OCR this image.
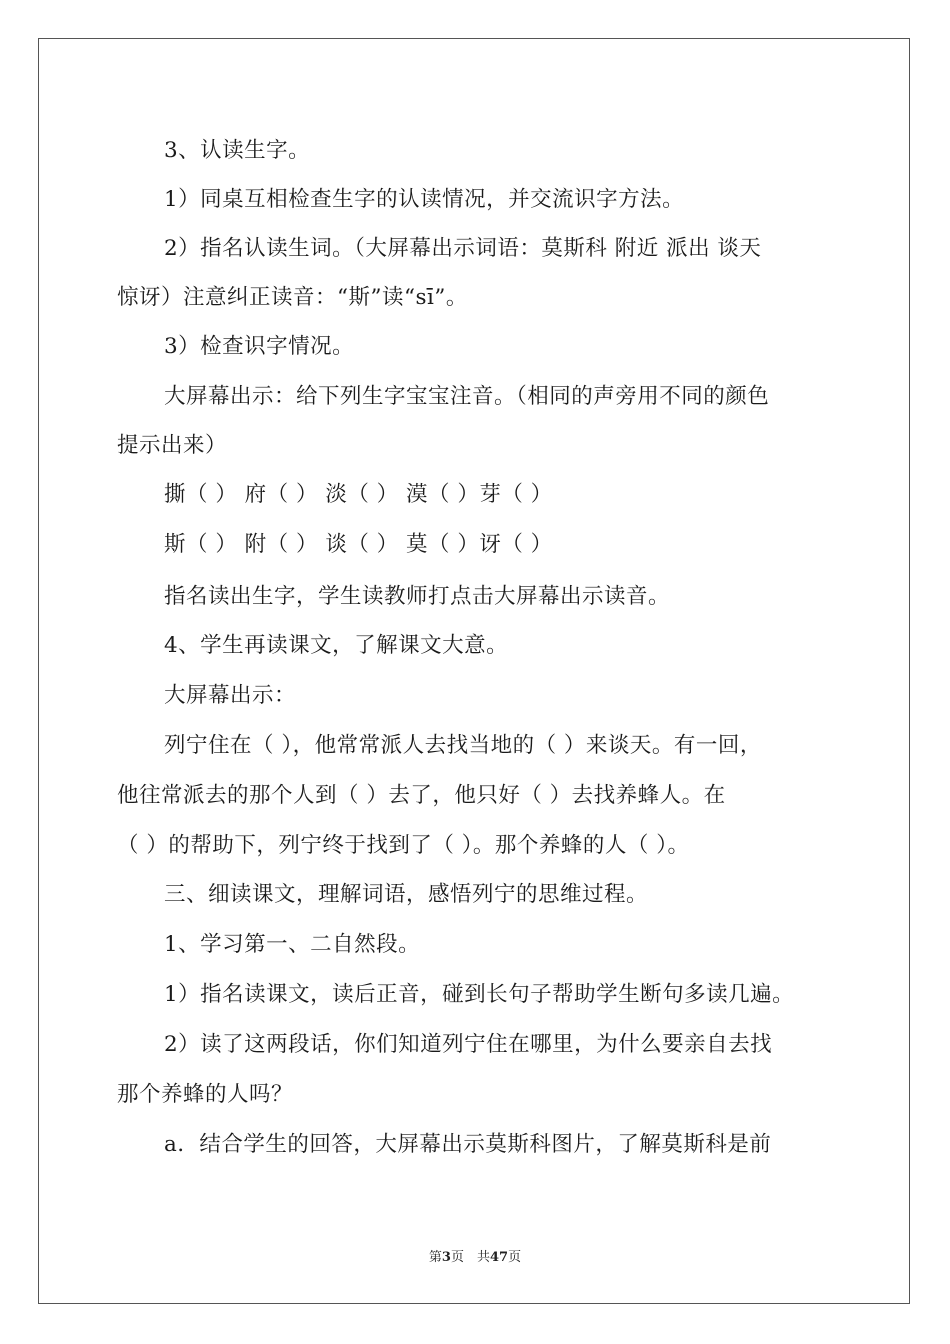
3、认读生字。
1）同桌互相检查生字的认读情况，并交流识字方法。
2）指名认读生词。（大屏幕出示词语：莫斯科 附近 派出 谈天
惊讶）注意纠正读音：“斯”读“sī”。
3）检查识字情况。
大屏幕出示：给下列生字宝宝注音。（相同的声旁用不同的颜色
提示出来）
撕（ ） 府（ ） 淡（ ） 漠（ ）芽（ ）
斯（ ） 附（ ） 谈（ ） 莫（ ）讶（ ）
指名读出生字，学生读教师打点击大屏幕出示读音。
4、学生再读课文，了解课文大意。
大屏幕出示：
列宁住在（ ），他常常派人去找当地的（ ）来谈天。有一回，
他往常派去的那个人到（ ）去了，他只好（ ）去找养蜂人。在
（ ）的帮助下，列宁终于找到了（ ）。那个养蜂的人（ ）。
三、细读课文，理解词语，感悟列宁的思维过程。
1、学习第一、二自然段。
1）指名读课文，读后正音，碰到长句子帮助学生断句多读几遍。
2）读了这两段话，你们知道列宁住在哪里，为什么要亲自去找
那个养蜂的人吗？
a．结合学生的回答，大屏幕出示莫斯科图片，了解莫斯科是前
第3页　共47页
